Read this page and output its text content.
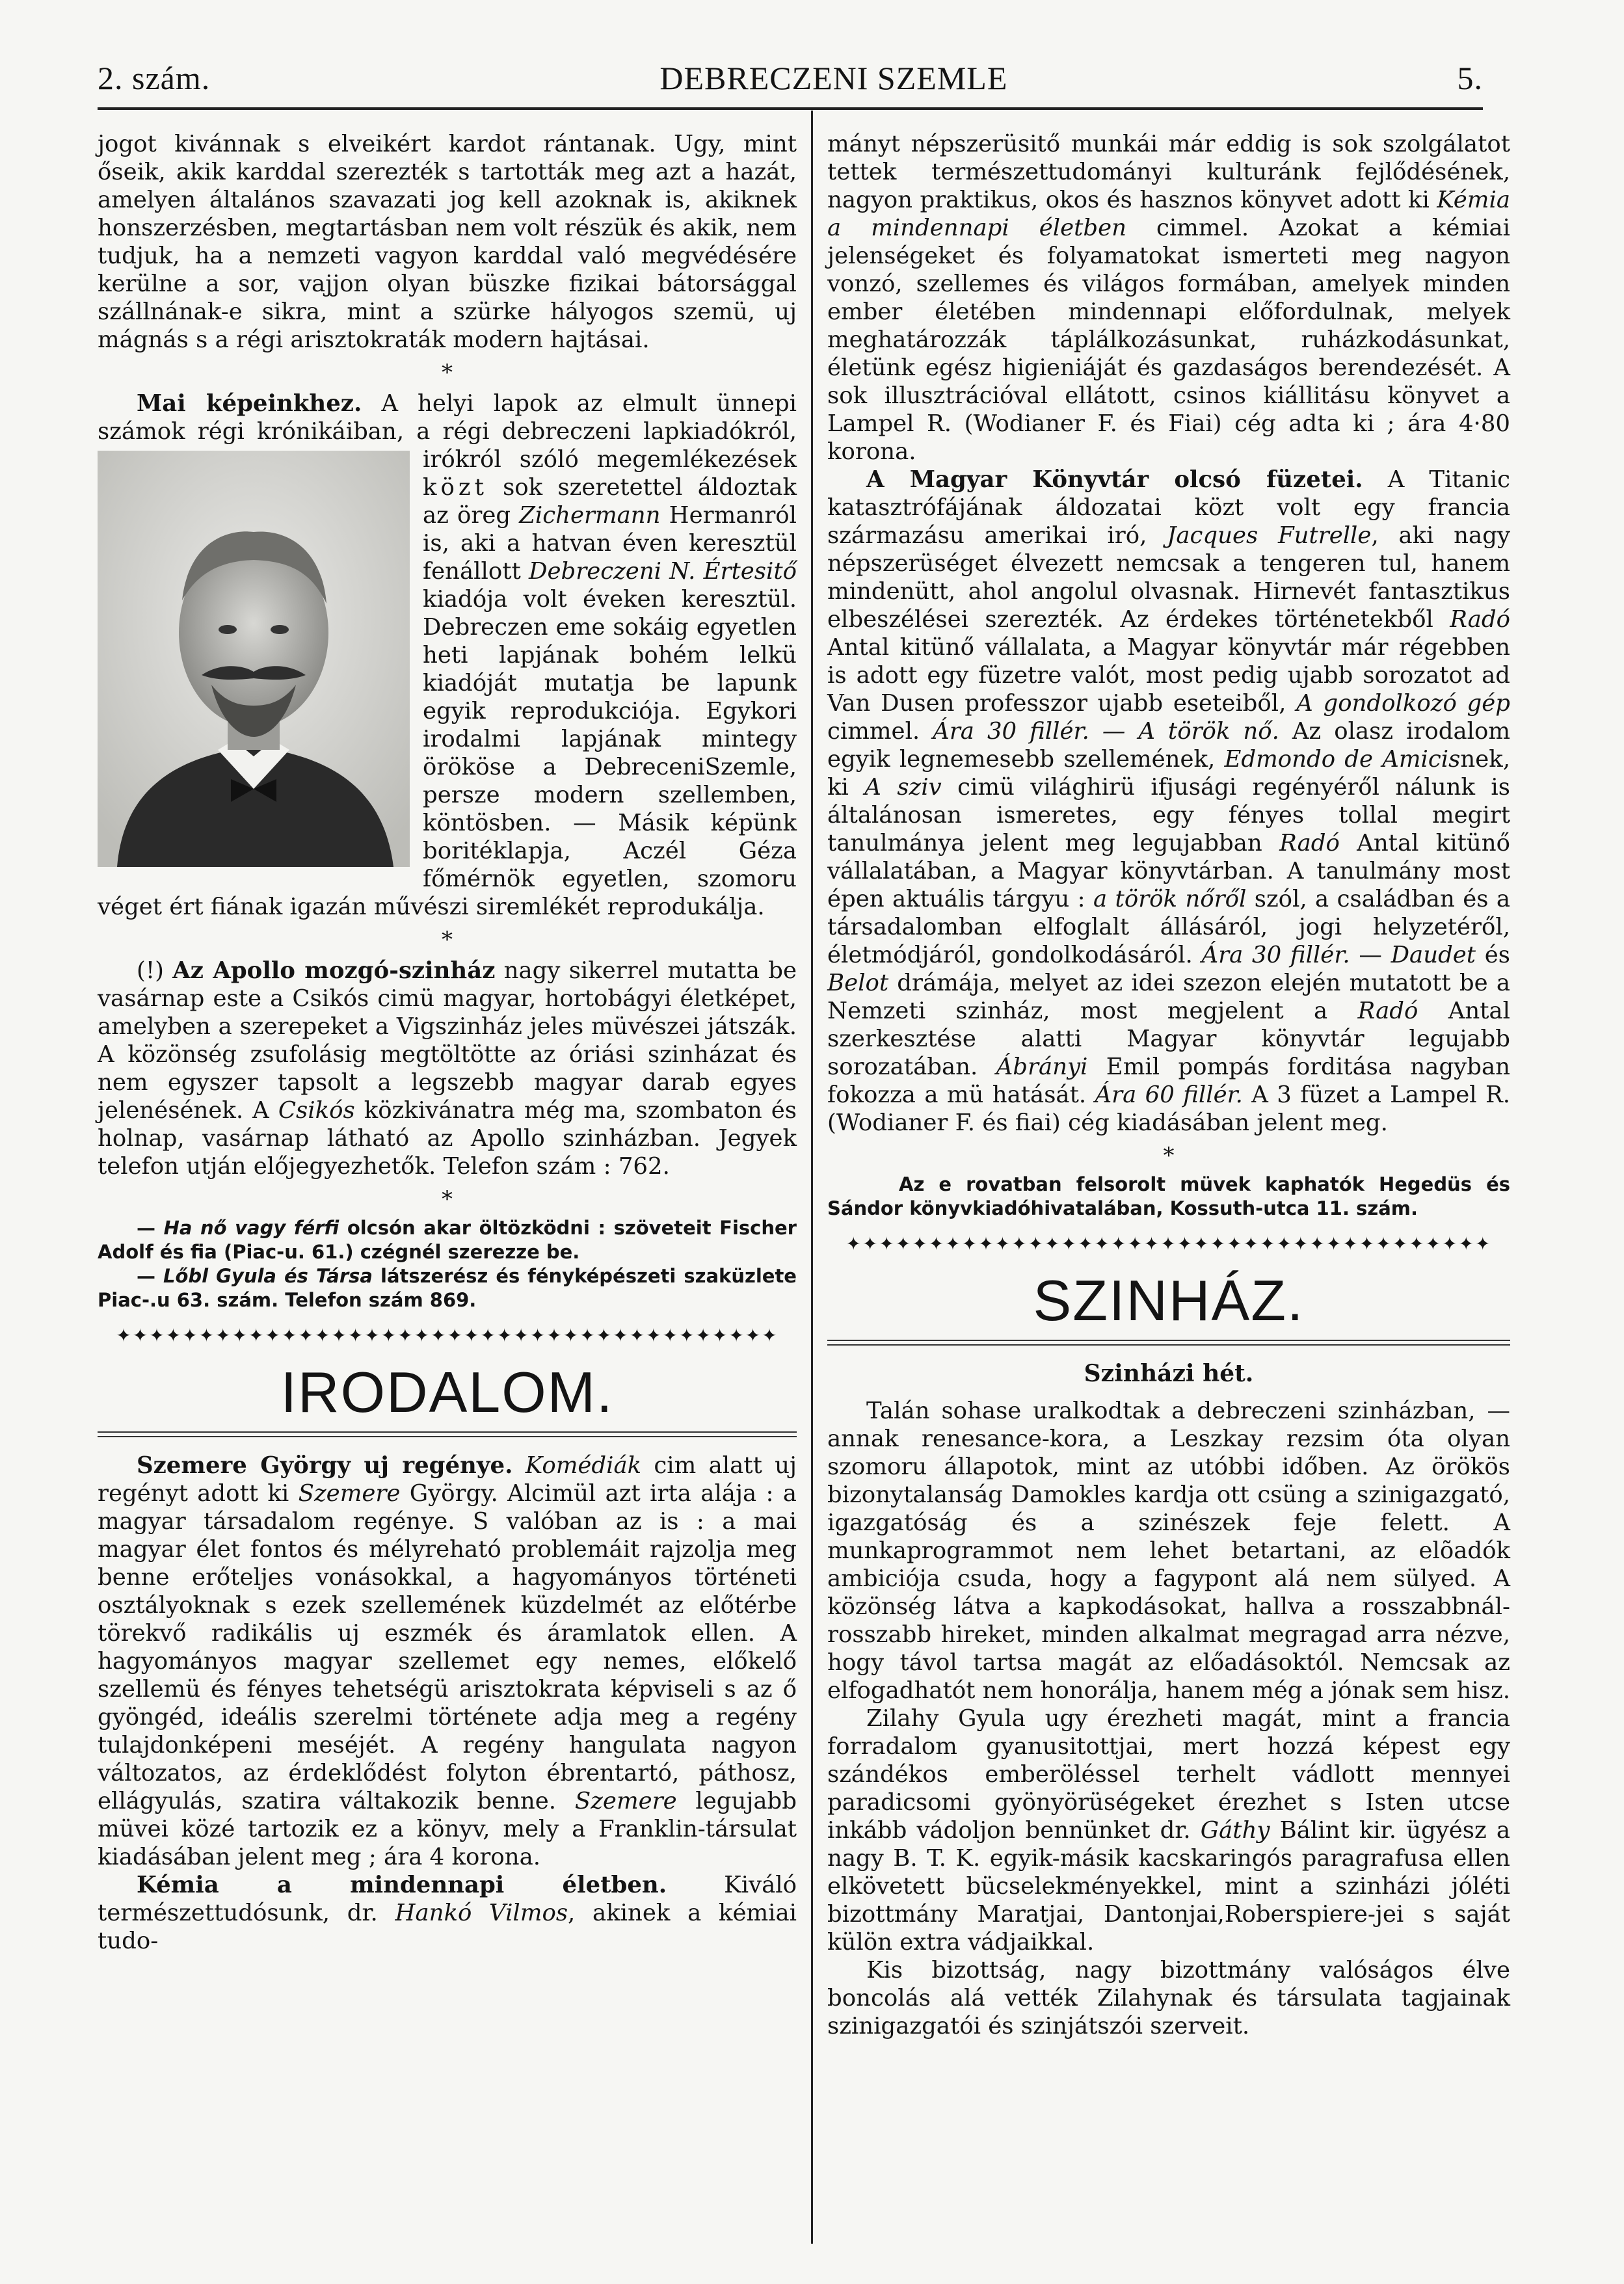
2. szám.	DEBRECZENI SZEMLE	5.

jogot kivánnak s elveikért kardot rántanak. Ugy, mint őseik, akik karddal szerezték s tartották meg azt a hazát, amelyen általános szavazati jog kell azoknak is, akiknek honszerzésben, megtartásban nem volt részük és akik, nem tudjuk, ha a nemzeti vagyon karddal való megvédésére kerülne a sor, vajjon olyan büszke fizikai bátorsággal szállnának-e sikra, mint a szürke hályogos szemü, uj mágnás s a régi arisztokraták modern hajtásai.

*

Mai képeinkhez. A helyi lapok az elmult ünnepi számok régi krónikáiban, a régi debreczeni lapkiadókról, irókról szóló megemlékezések
közt sok szeretettel áldoztak az öreg Zichermann Hermanról is, aki a hatvan éven keresztül fenállott Debreczeni N. Értesitő kiadója volt éveken keresztül. Debreczen eme sokáig egyetlen heti lapjának bohém lelkü kiadóját mutatja be lapunk egyik reprodukciója. Egykori irodalmi lapjának mintegy örököse a DebreceniSzemle, persze modern szellemben, köntösben. — Másik képünk boritéklapja, Aczél Géza főmérnök egyetlen, szomoru véget ért fiának igazán művészi siremlékét reprodukálja.

*

(!) Az Apollo mozgó-szinház nagy sikerrel mutatta be vasárnap este a Csikós cimü magyar, hortobágyi életképet, amelyben a szerepeket a Vigszinház jeles müvészei játszák. A közönség zsufolásig megtöltötte az óriási szinházat és nem egyszer tapsolt a legszebb magyar darab egyes jelenésének. A Csikós közkivánatra még ma, szombaton és holnap, vasárnap látható az Apollo szinházban. Jegyek telefon utján előjegyezhetők. Telefon szám : 762.

*

— Ha nő vagy férfi olcsón akar öltözködni : szöveteit Fischer Adolf és fia (Piac-u. 61.) czégnél szerezze be.

— Lőbl Gyula és Társa látszerész és fényképészeti szaküzlete Piac-.u 63. szám. Telefon szám 869.

✦✦✦✦✦✦✦✦✦✦✦✦✦✦✦✦✦✦✦✦✦✦✦✦✦✦✦✦✦✦✦✦✦✦✦✦✦✦✦✦
IRODALOM.

Szemere György uj regénye. Komédiák cim alatt uj regényt adott ki Szemere György. Alcimül azt irta alája : a magyar társadalom regénye. S valóban az is : a mai magyar élet fontos és mélyreható problemáit rajzolja meg benne erőteljes vonásokkal, a hagyományos történeti osztályoknak s ezek szellemének küzdelmét az előtérbe törekvő radikális uj eszmék és áramlatok ellen. A hagyományos magyar szellemet egy nemes, előkelő szellemü és fényes tehetségü arisztokrata képviseli s az ő gyöngéd, ideális szerelmi története adja meg a regény tulajdonképeni meséjét. A regény hangulata nagyon változatos, az érdeklődést folyton ébrentartó, páthosz, ellágyulás, szatira váltakozik benne. Szemere legujabb müvei közé tartozik ez a könyv, mely a Franklin-társulat kiadásában jelent meg ; ára 4 korona.

Kémia a mindennapi életben. Kiváló természettudósunk, dr. Hankó Vilmos, akinek a kémiai tudo-

mányt népszerüsitő munkái már eddig is sok szolgálatot tettek természettudományi kulturánk fejlődésének, nagyon praktikus, okos és hasznos könyvet adott ki Kémia a mindennapi életben cimmel. Azokat a kémiai jelenségeket és folyamatokat ismerteti meg nagyon vonzó, szellemes és világos formában, amelyek minden ember életében mindennapi előfordulnak, melyek meghatározzák táplálkozásunkat, ruházkodásunkat, életünk egész higieniáját és gazdaságos berendezését. A sok illusztrációval ellátott, csinos kiállitásu könyvet a Lampel R. (Wodianer F. és Fiai) cég adta ki ; ára 4·80 korona.

A Magyar Könyvtár olcsó füzetei. A Titanic katasztrófájának áldozatai közt volt egy francia származásu amerikai iró, Jacques Futrelle, aki nagy népszerüséget élvezett nemcsak a tengeren tul, hanem mindenütt, ahol angolul olvasnak. Hirnevét fantasztikus elbeszélései szerezték. Az érdekes történetekből Radó Antal kitünő vállalata, a Magyar könyvtár már régebben is adott egy füzetre valót, most pedig ujabb sorozatot ad Van Dusen professzor ujabb eseteiből, A gondolkozó gép cimmel. Ára 30 fillér. — A török nő. Az olasz irodalom egyik legnemesebb szellemének, Edmondo de Amicisnek, ki A sziv cimü világhirü ifjusági regényéről nálunk is általánosan ismeretes, egy fényes tollal megirt tanulmánya jelent meg legujabban Radó Antal kitünő vállalatában, a Magyar könyvtárban. A tanulmány most épen aktuális tárgyu : a török nőről szól, a családban és a társadalomban elfoglalt állásáról, jogi helyzetéről, életmódjáról, gondolkodásáról. Ára 30 fillér. — Daudet és Belot drámája, melyet az idei szezon elején mutatott be a Nemzeti szinház, most megjelent a Radó Antal szerkesztése alatti Magyar könyvtár legujabb sorozatában. Ábrányi Emil pompás forditása nagyban fokozza a mü hatását. Ára 60 fillér. A 3 füzet a Lampel R. (Wodianer F. és fiai) cég kiadásában jelent meg.

*

Az e rovatban felsorolt müvek kaphatók Hegedüs és Sándor könyvkiadóhivatalában, Kossuth-utca 11. szám.

✦✦✦✦✦✦✦✦✦✦✦✦✦✦✦✦✦✦✦✦✦✦✦✦✦✦✦✦✦✦✦✦✦✦✦✦✦✦✦
SZINHÁZ.
Szinházi hét.

Talán sohase uralkodtak a debreczeni szinházban, — annak renesance-kora, a Leszkay rezsim óta olyan szomoru állapotok, mint az utóbbi időben. Az örökös bizonytalanság Damokles kardja ott csüng a szinigazgató, igazgatóság és a szinészek feje felett. A munkaprogrammot nem lehet betartani, az elõadók ambiciója csuda, hogy a fagypont alá nem sülyed. A közönség látva a kapkodásokat, hallva a rosszabbnál-rosszabb hireket, minden alkalmat megragad arra nézve, hogy távol tartsa magát az előadásoktól. Nemcsak az elfogadhatót nem honorálja, hanem még a jónak sem hisz.

Zilahy Gyula ugy érezheti magát, mint a francia forradalom gyanusitottjai, mert hozzá képest egy szándékos emberöléssel terhelt vádlott mennyei paradicsomi gyönyörüségeket érezhet s Isten utcse inkább vádoljon bennünket dr. Gáthy Bálint kir. ügyész a nagy B. T. K. egyik-másik kacskaringós paragrafusa ellen elkövetett bücselekményekkel, mint a szinházi jóléti bizottmány Maratjai, Dantonjai,Roberspiere-jei s saját külön extra vádjaikkal.

Kis bizottság, nagy bizottmány valóságos élve boncolás alá vették Zilahynak és társulata tagjainak szinigazgatói és szinjátszói szerveit.
